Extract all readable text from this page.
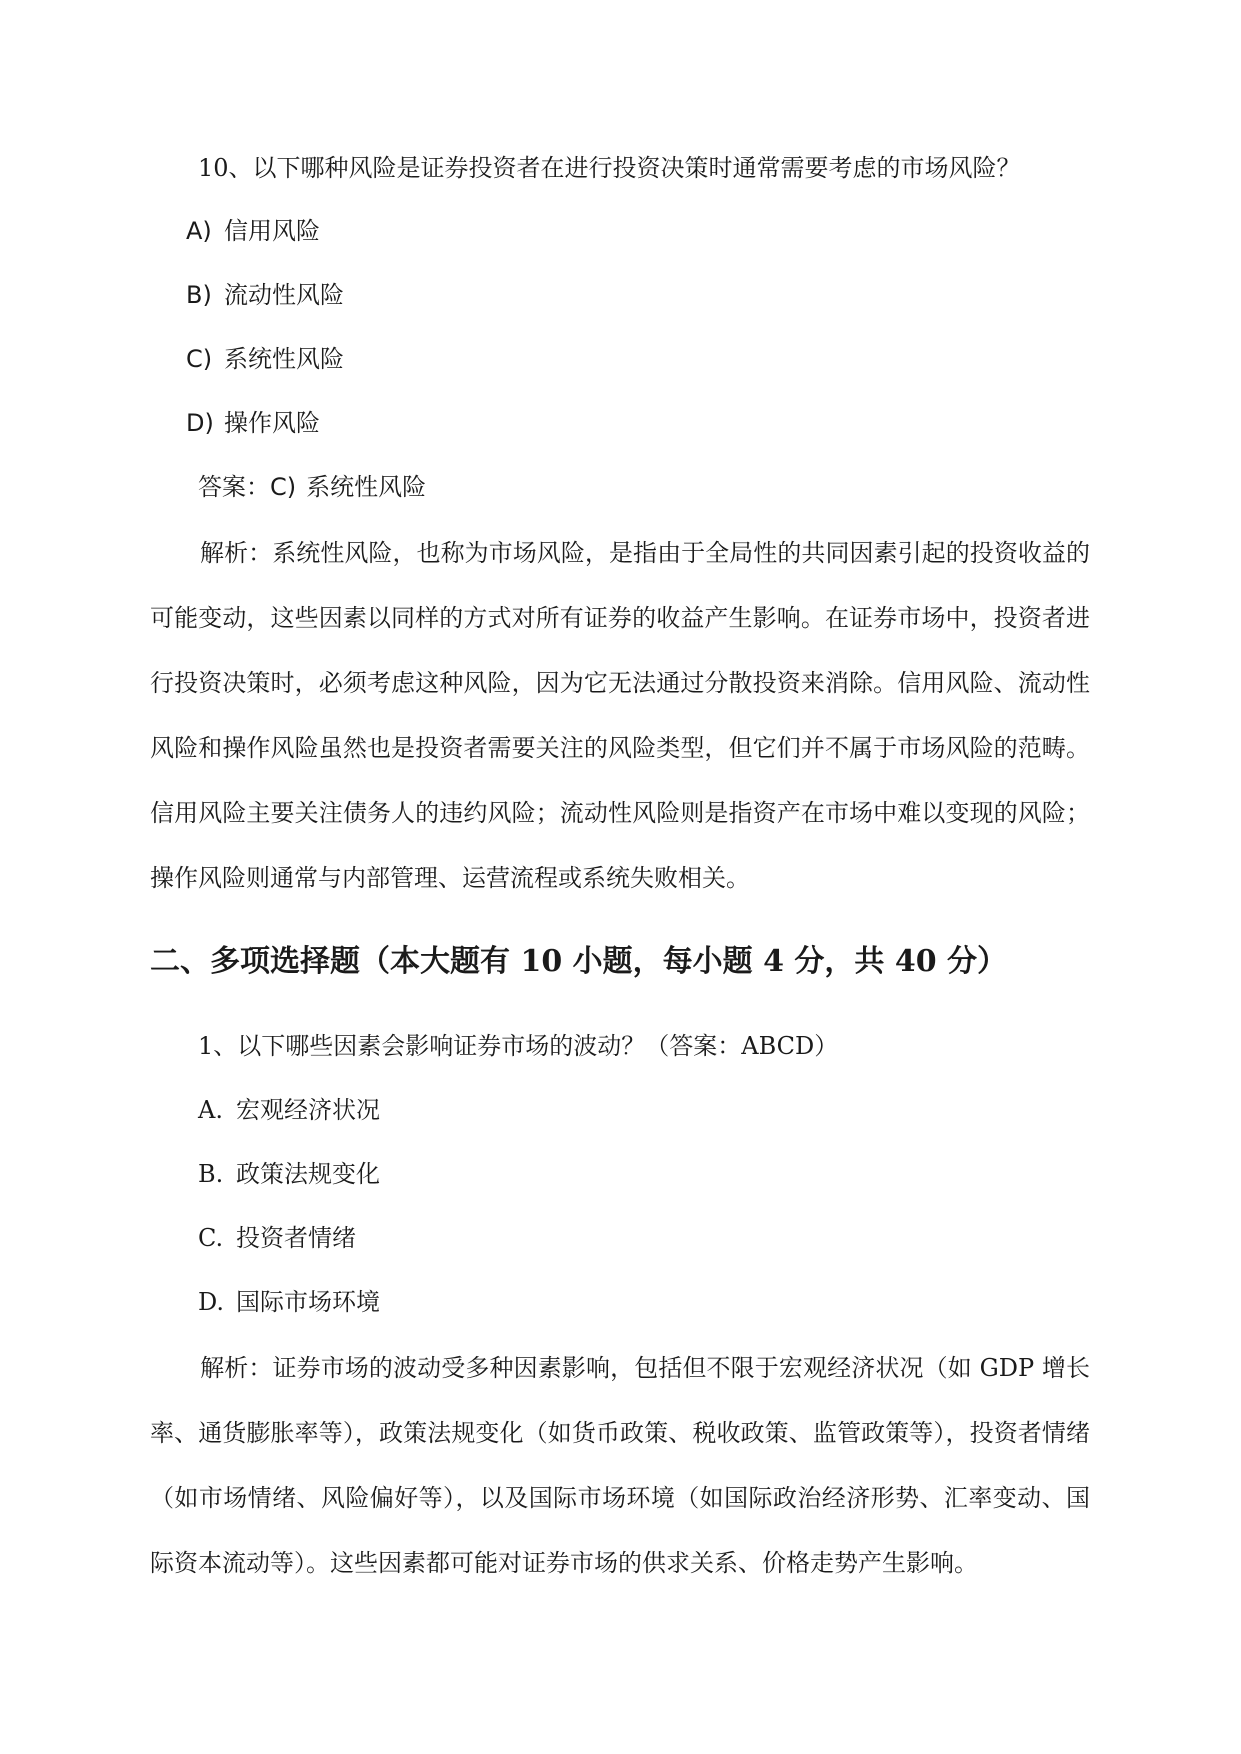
10、以下哪种风险是证券投资者在进行投资决策时通常需要考虑的市场风险？
A) 信用风险
B) 流动性风险
C) 系统性风险
D) 操作风险
答案：C) 系统性风险
解析：系统性风险，也称为市场风险，是指由于全局性的共同因素引起的投资收益的可能变动，这些因素以同样的方式对所有证券的收益产生影响。在证券市场中，投资者进行投资决策时，必须考虑这种风险，因为它无法通过分散投资来消除。信用风险、流动性风险和操作风险虽然也是投资者需要关注的风险类型，但它们并不属于市场风险的范畴。信用风险主要关注债务人的违约风险；流动性风险则是指资产在市场中难以变现的风险；操作风险则通常与内部管理、运营流程或系统失败相关。
二、多项选择题（本大题有 10 小题，每小题 4 分，共 40 分）
1、以下哪些因素会影响证券市场的波动？（答案：ABCD）
A. 宏观经济状况
B. 政策法规变化
C. 投资者情绪
D. 国际市场环境
解析：证券市场的波动受多种因素影响，包括但不限于宏观经济状况（如 GDP 增长率、通货膨胀率等），政策法规变化（如货币政策、税收政策、监管政策等），投资者情绪（如市场情绪、风险偏好等），以及国际市场环境（如国际政治经济形势、汇率变动、国际资本流动等）。这些因素都可能对证券市场的供求关系、价格走势产生影响。
